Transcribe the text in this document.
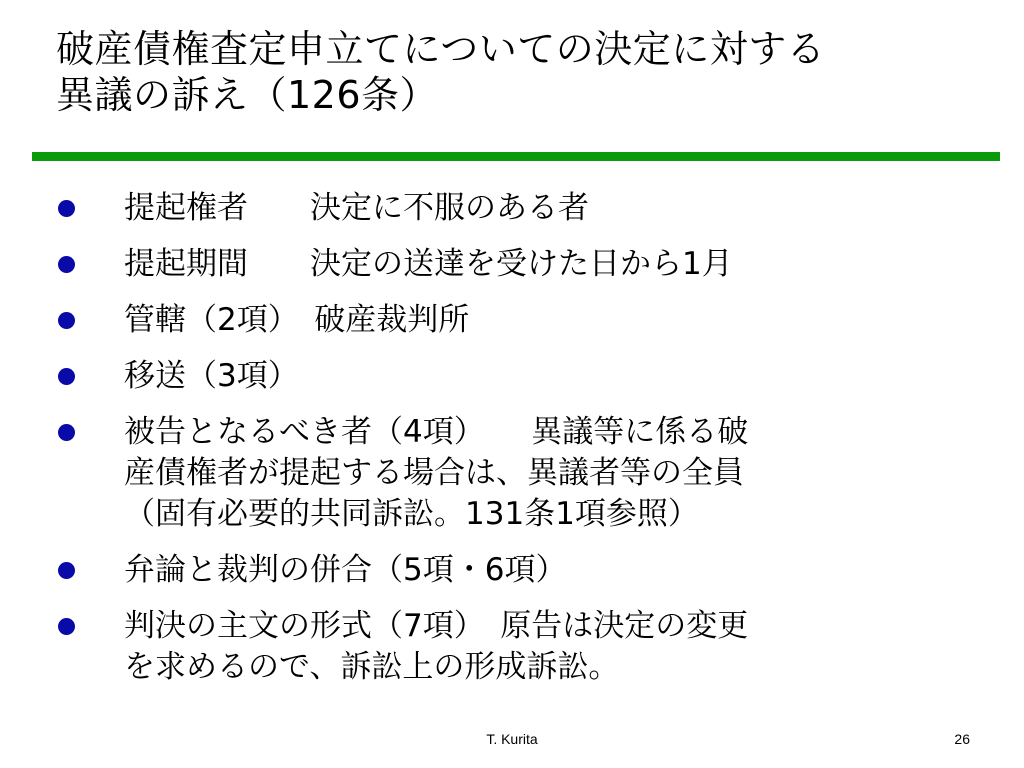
破産債権査定申立てについての決定に対する
異議の訴え（126条）
提起権者　　決定に不服のある者
提起期間　　決定の送達を受けた日から1月
管轄（2項）　破産裁判所
移送（3項）
被告となるべき者（4項）　　異議等に係る破
産債権者が提起する場合は、異議者等の全員
（固有必要的共同訴訟。131条1項参照）
弁論と裁判の併合（5項・6項）
判決の主文の形式（7項）　原告は決定の変更
を求めるので、訴訟上の形成訴訟。
T. Kurita	26
